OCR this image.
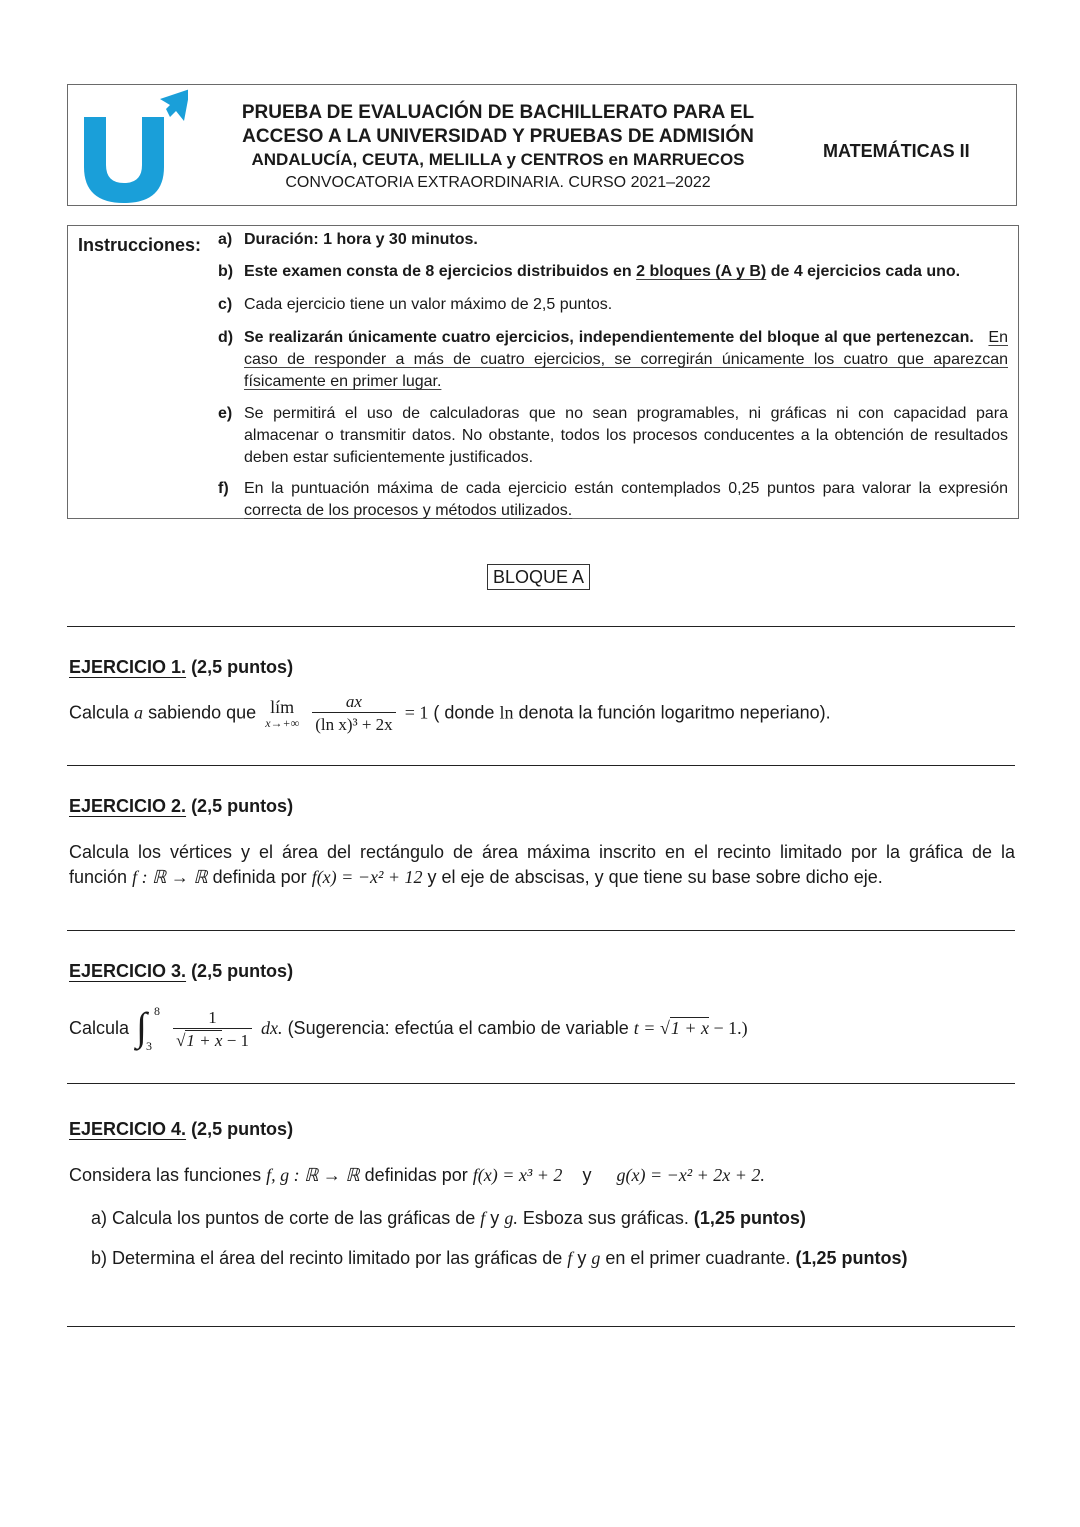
PRUEBA DE EVALUACIÓN DE BACHILLERATO PARA EL
ACCESO A LA UNIVERSIDAD Y PRUEBAS DE ADMISIÓN
ANDALUCÍA, CEUTA, MELILLA y CENTROS en MARRUECOS
CONVOCATORIA EXTRAORDINARIA. CURSO 2021–2022
MATEMÁTICAS II
Instrucciones: a) Duración: 1 hora y 30 minutos.
b) Este examen consta de 8 ejercicios distribuidos en 2 bloques (A y B) de 4 ejercicios cada uno.
c) Cada ejercicio tiene un valor máximo de 2,5 puntos.
d) Se realizarán únicamente cuatro ejercicios, independientemente del bloque al que pertenezcan. En caso de responder a más de cuatro ejercicios, se corregirán únicamente los cuatro que aparezcan físicamente en primer lugar.
e) Se permitirá el uso de calculadoras que no sean programables, ni gráficas ni con capacidad para almacenar o transmitir datos. No obstante, todos los procesos conducentes a la obtención de resultados deben estar suficientemente justificados.
f) En la puntuación máxima de cada ejercicio están contemplados 0,25 puntos para valorar la expresión correcta de los procesos y métodos utilizados.
BLOQUE A
EJERCICIO 1. (2,5 puntos)
Calcula a sabiendo que lím
x→+∞
$\frac{ax}{\text{(ln x)³ + 2x}} = 1$ ( donde ln denota la función logaritmo neperiano).
EJERCICIO 2. (2,5 puntos)
Calcula los vértices y el área del rectángulo de área máxima inscrito en el recinto limitado por la gráfica de la
función f : ℝ → ℝ definida por f(x) = −x² + 12 y el eje de abscisas, y que tiene su base sobre dicho eje.
EJERCICIO 3. (2,5 puntos)
Calcula ∫ 8
3
$\frac{1}{√1 + x - 1}$ dx. (Sugerencia: efectúa el cambio de variable t = √1 + x − 1.)
EJERCICIO 4. (2,5 puntos)
Considera las funciones f, g : ℝ → ℝ definidas por f(x) = x³ + 2 y g(x) = −x² + 2x + 2.
a) Calcula los puntos de corte de las gráficas de f y g. Esboza sus gráficas. (1,25 puntos)
b) Determina el área del recinto limitado por las gráficas de f y g en el primer cuadrante. (1,25 puntos)
